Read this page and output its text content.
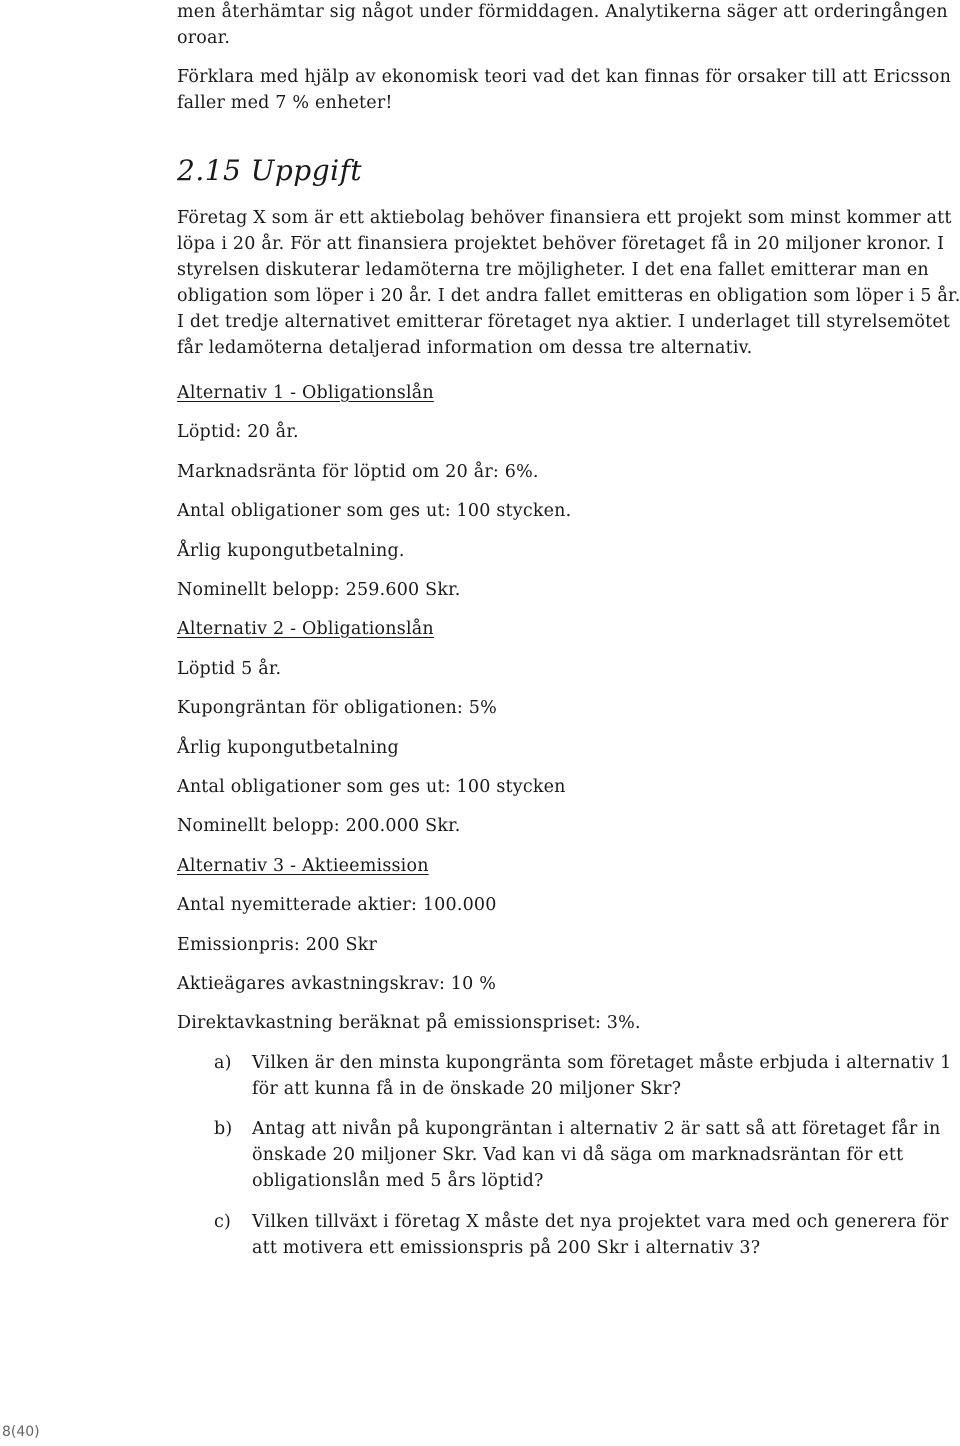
men återhämtar sig något under förmiddagen. Analytikerna säger att orderingången
oroar.
Förklara med hjälp av ekonomisk teori vad det kan finnas för orsaker till att Ericsson
faller med 7 % enheter!
2.15 Uppgift
Företag X som är ett aktiebolag behöver finansiera ett projekt som minst kommer att
löpa i 20 år. För att finansiera projektet behöver företaget få in 20 miljoner kronor. I
styrelsen diskuterar ledamöterna tre möjligheter. I det ena fallet emitterar man en
obligation som löper i 20 år. I det andra fallet emitteras en obligation som löper i 5 år.
I det tredje alternativet emitterar företaget nya aktier. I underlaget till styrelsemötet
får ledamöterna detaljerad information om dessa tre alternativ.
Alternativ 1 - Obligationslån
Löptid: 20 år.
Marknadsränta för löptid om 20 år: 6%.
Antal obligationer som ges ut: 100 stycken.
Årlig kupongutbetalning.
Nominellt belopp: 259.600 Skr.
Alternativ 2 - Obligationslån
Löptid 5 år.
Kupongräntan för obligationen: 5%
Årlig kupongutbetalning
Antal obligationer som ges ut: 100 stycken
Nominellt belopp: 200.000 Skr.
Alternativ 3 - Aktieemission
Antal nyemitterade aktier: 100.000
Emissionpris: 200 Skr
Aktieägares avkastningskrav: 10 %
Direktavkastning beräknat på emissionspriset: 3%.
a) Vilken är den minsta kupongränta som företaget måste erbjuda i alternativ 1
för att kunna få in de önskade 20 miljoner Skr?
b) Antag att nivån på kupongräntan i alternativ 2 är satt så att företaget får in
önskade 20 miljoner Skr. Vad kan vi då säga om marknadsräntan för ett
obligationslån med 5 års löptid?
c) Vilken tillväxt i företag X måste det nya projektet vara med och generera för
att motivera ett emissionspris på 200 Skr i alternativ 3?
8(40)
